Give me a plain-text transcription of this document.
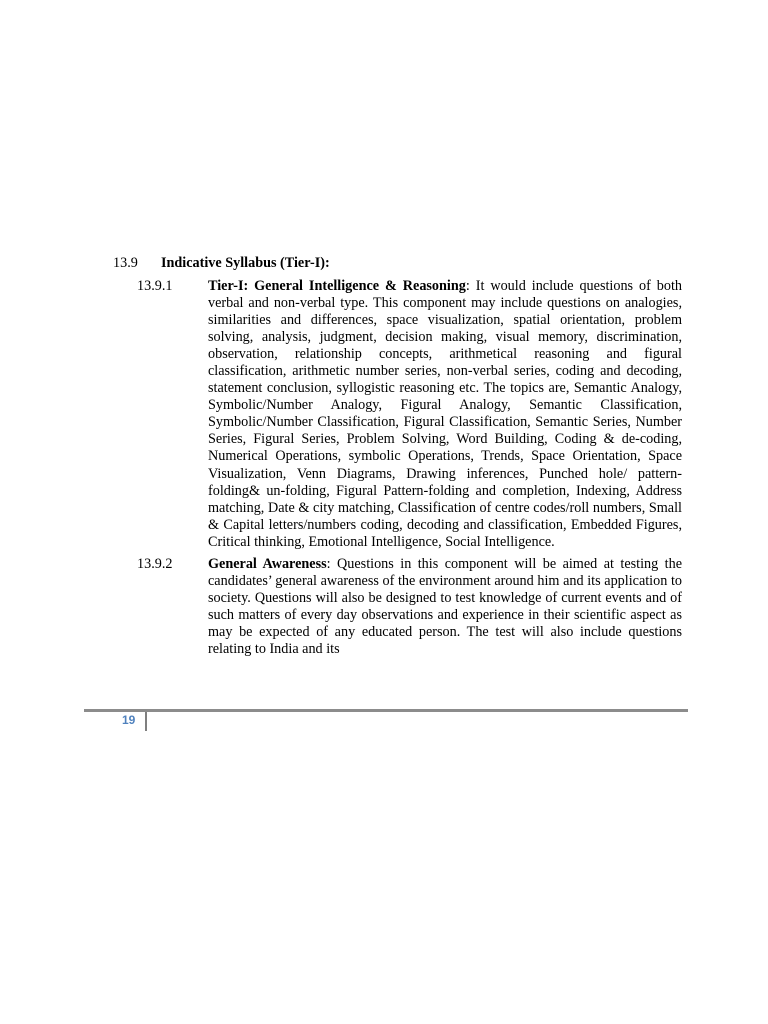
13.9	Indicative Syllabus (Tier-I):
13.9.1	Tier-I: General Intelligence & Reasoning: It would include questions of both verbal and non-verbal type. This component may include questions on analogies, similarities and differences, space visualization, spatial orientation, problem solving, analysis, judgment, decision making, visual memory, discrimination, observation, relationship concepts, arithmetical reasoning and figural classification, arithmetic number series, non-verbal series, coding and decoding, statement conclusion, syllogistic reasoning etc. The topics are, Semantic Analogy, Symbolic/Number Analogy, Figural Analogy, Semantic Classification, Symbolic/Number Classification, Figural Classification, Semantic Series, Number Series, Figural Series, Problem Solving, Word Building, Coding & de-coding, Numerical Operations, symbolic Operations, Trends, Space Orientation, Space Visualization, Venn Diagrams, Drawing inferences, Punched hole/ pattern- folding& un-folding, Figural Pattern-folding and completion, Indexing, Address matching, Date & city matching, Classification of centre codes/roll numbers, Small & Capital letters/numbers coding, decoding and classification, Embedded Figures, Critical thinking, Emotional Intelligence, Social Intelligence.
13.9.2	General Awareness: Questions in this component will be aimed at testing the candidates’ general awareness of the environment around him and its application to society. Questions will also be designed to test knowledge of current events and of such matters of every day observations and experience in their scientific aspect as may be expected of any educated person. The test will also include questions relating to India and its
19
